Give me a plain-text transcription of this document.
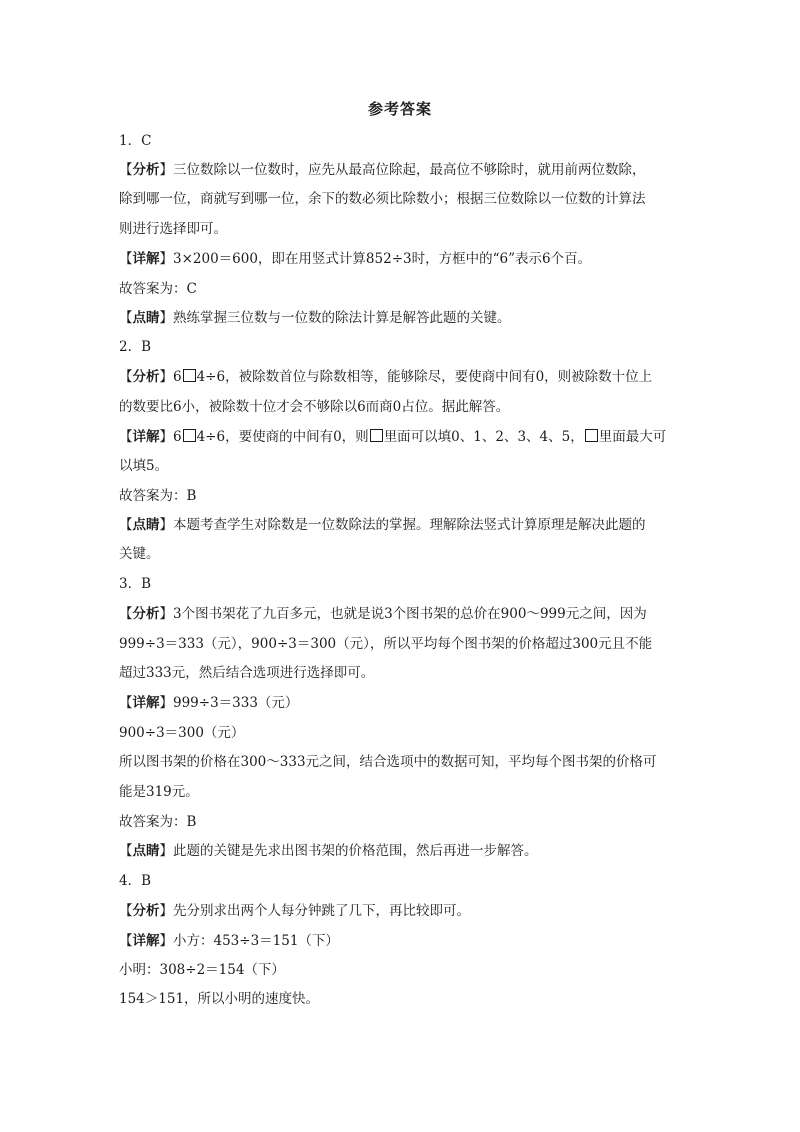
参考答案
1．C
【分析】三位数除以一位数时，应先从最高位除起，最高位不够除时，就用前两位数除，
除到哪一位，商就写到哪一位，余下的数必须比除数小；根据三位数除以一位数的计算法
则进行选择即可。
【详解】3×200＝600，即在用竖式计算852÷3时，方框中的“6”表示6个百。
故答案为：C
【点睛】熟练掌握三位数与一位数的除法计算是解答此题的关键。
2．B
【分析】6 4÷6，被除数首位与除数相等，能够除尽，要使商中间有0，则被除数十位上
的数要比6小，被除数十位才会不够除以6而商0占位。据此解答。
【详解】6 4÷6，要使商的中间有0，则 里面可以填0、1、2、3、4、5， 里面最大可
以填5。
故答案为：B
【点睛】本题考查学生对除数是一位数除法的掌握。理解除法竖式计算原理是解决此题的
关键。
3．B
【分析】3个图书架花了九百多元，也就是说3个图书架的总价在900～999元之间，因为
999÷3＝333（元），900÷3＝300（元），所以平均每个图书架的价格超过300元且不能
超过333元，然后结合选项进行选择即可。
【详解】999÷3＝333（元）
900÷3＝300（元）
所以图书架的价格在300～333元之间，结合选项中的数据可知，平均每个图书架的价格可
能是319元。
故答案为：B
【点睛】此题的关键是先求出图书架的价格范围，然后再进一步解答。
4．B
【分析】先分别求出两个人每分钟跳了几下，再比较即可。
【详解】小方：453÷3＝151（下）
小明：308÷2＝154（下）
154＞151，所以小明的速度快。
